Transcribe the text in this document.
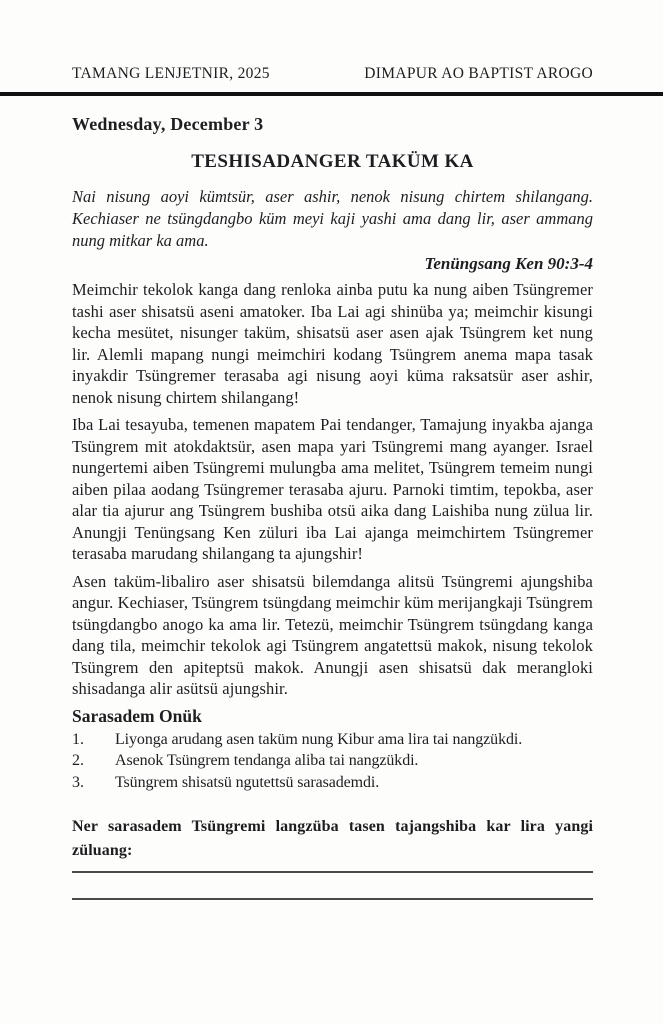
TAMANG LENJETNIR, 2025	DIMAPUR AO BAPTIST AROGO
Wednesday, December 3
TESHISADANGER TAKÜM KA

Nai nisung aoyi kümtsür, aser ashir, nenok nisung chirtem shilangang. Kechiaser ne tsüngdangbo küm meyi kaji yashi ama dang lir, aser ammang nung mitkar ka ama.

Tenüngsang Ken 90:3-4

Meimchir tekolok kanga dang renloka ainba putu ka nung aiben Tsüngremer tashi aser shisatsü aseni amatoker. Iba Lai agi shinüba ya; meimchir kisungi kecha mesütet, nisunger taküm, shisatsü aser asen ajak Tsüngrem ket nung lir. Alemli mapang nungi meimchiri kodang Tsüngrem anema mapa tasak inyakdir Tsüngremer terasaba agi nisung aoyi küma raksatsür aser ashir, nenok nisung chirtem shilangang!

Iba Lai tesayuba, temenen mapatem Pai tendanger, Tamajung inyakba ajanga Tsüngrem mit atokdaktsür, asen mapa yari Tsüngremi mang ayanger. Israel nungertemi aiben Tsüngremi mulungba ama melitet, Tsüngrem temeim nungi aiben pilaa aodang Tsüngremer terasaba ajuru. Parnoki timtim, tepokba, aser alar tia ajurur ang Tsüngrem bushiba otsü aika dang Laishiba nung zülua lir. Anungji Tenüngsang Ken züluri iba Lai ajanga meimchirtem Tsüngremer terasaba marudang shilangang ta ajungshir!

Asen taküm-libaliro aser shisatsü bilemdanga alitsü Tsüngremi ajungshiba angur. Kechiaser, Tsüngrem tsüngdang meimchir küm merijangkaji Tsüngrem tsüngdangbo anogo ka ama lir. Tetezü, meimchir Tsüngrem tsüngdang kanga dang tila, meimchir tekolok agi Tsüngrem angatettsü makok, nisung tekolok Tsüngrem den apiteptsü makok. Anungji asen shisatsü dak merangloki shisadanga alir asütsü ajungshir.

Sarasadem Onük
1.	Liyonga arudang asen taküm nung Kibur ama lira tai nangzükdi.
2.	Asenok Tsüngrem tendanga aliba tai nangzükdi.
3.	Tsüngrem shisatsü ngutettsü sarasademdi.

Ner sarasadem Tsüngremi langzüba tasen tajangshiba kar lira yangi züluang:
